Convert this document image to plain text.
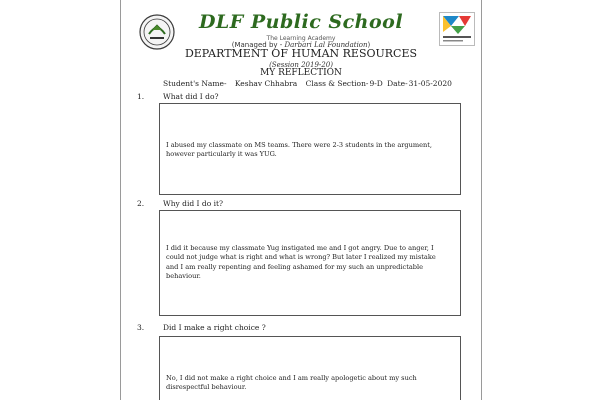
DLF Public School
The Learning Academy
(Managed by - Darbari Lal Foundation)
DEPARTMENT OF HUMAN RESOURCES
(Session 2019-20)
MY REFLECTION
Student's Name- Keshav Chhabra Class & Section-9-D Date-31-05-2020
1.	What did I do?
I abused my classmate on MS teams. There were 2-3 students in the argument,
however particularly it was YUG.
2.	Why did I do it?
I did it because my classmate Yug instigated me and I got angry. Due to anger, I
could not judge what is right and what is wrong? But later I realized my mistake
and I am really repenting and feeling ashamed for my such an unpredictable
behaviour.
3.	Did I make a right choice ?
No, I did not make a right choice and I am really apologetic about my such
disrespectful behaviour.
